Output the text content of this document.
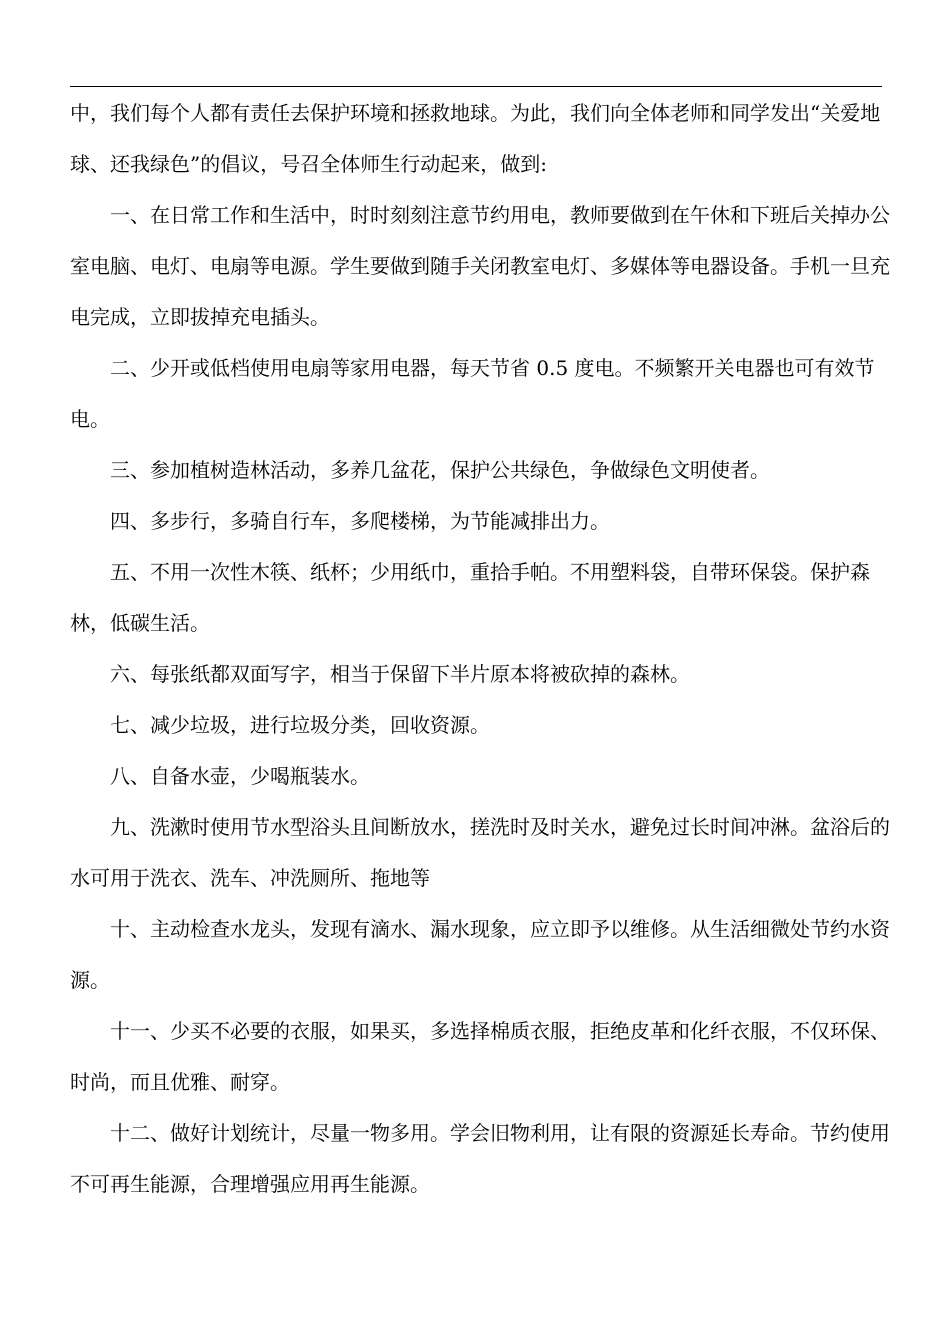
中，我们每个人都有责任去保护环境和拯救地球。为此，我们向全体老师和同学发出“关爱地球、还我绿色”的倡议，号召全体师生行动起来，做到:

一、在日常工作和生活中，时时刻刻注意节约用电，教师要做到在午休和下班后关掉办公室电脑、电灯、电扇等电源。学生要做到随手关闭教室电灯、多媒体等电器设备。手机一旦充电完成，立即拔掉充电插头。

二、少开或低档使用电扇等家用电器，每天节省 0.5 度电。不频繁开关电器也可有效节电。

三、参加植树造林活动，多养几盆花，保护公共绿色，争做绿色文明使者。

四、多步行，多骑自行车，多爬楼梯，为节能减排出力。

五、不用一次性木筷、纸杯；少用纸巾，重拾手帕。不用塑料袋，自带环保袋。保护森林，低碳生活。

六、每张纸都双面写字，相当于保留下半片原本将被砍掉的森林。

七、减少垃圾，进行垃圾分类，回收资源。

八、自备水壶，少喝瓶装水。

九、洗漱时使用节水型浴头且间断放水，搓洗时及时关水，避免过长时间冲淋。盆浴后的水可用于洗衣、洗车、冲洗厕所、拖地等

十、主动检查水龙头，发现有滴水、漏水现象，应立即予以维修。从生活细微处节约水资源。

十一、少买不必要的衣服，如果买，多选择棉质衣服，拒绝皮革和化纤衣服，不仅环保、时尚，而且优雅、耐穿。

十二、做好计划统计，尽量一物多用。学会旧物利用，让有限的资源延长寿命。节约使用不可再生能源，合理增强应用再生能源。
